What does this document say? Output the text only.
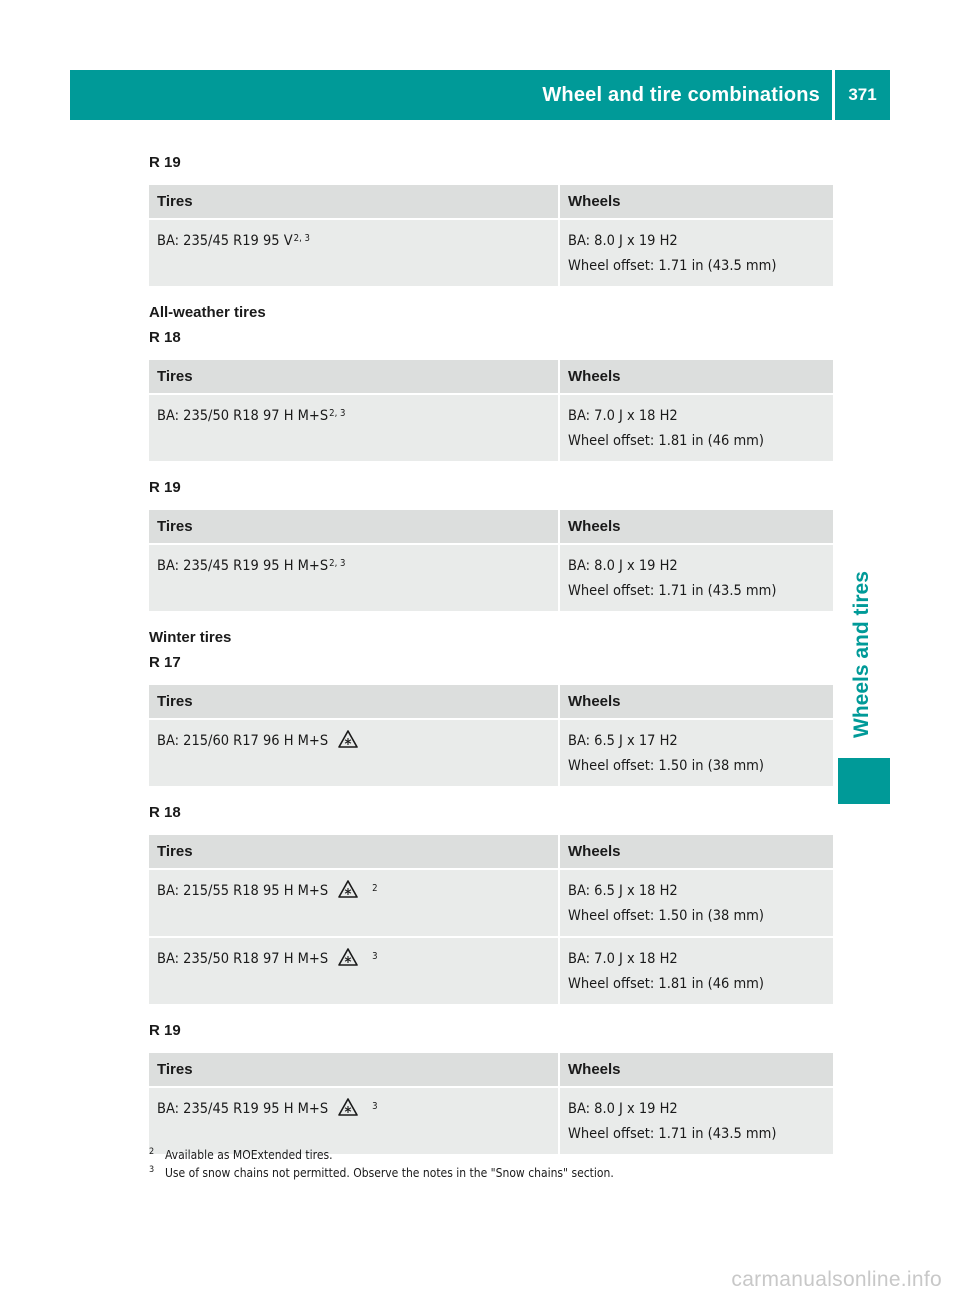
Wheel and tire combinations	371
Wheels and tires
R 19
Tires	Wheels
BA: 235/45 R19 95 V$^{2, 3}$	BA: 8.0 J x 19 H2
Wheel offset: 1.71 in (43.5 mm)
All-weather tires
R 18
Tires	Wheels
BA: 235/50 R18 97 H $M+S^{2, 3}$	BA: 7.0 J x 18 H2
Wheel offset: 1.81 in (46 mm)
R 19
Tires	Wheels
BA: 235/45 R19 95 H $M+S^{2, 3}$	BA: 8.0 J x 19 H2
Wheel offset: 1.71 in (43.5 mm)
Winter tires
R 17
Tires	Wheels
BA: 215/60 R17 96 H M+S	BA: 6.5 J x 17 H2
Wheel offset: 1.50 in (38 mm)
R 18
Tires	Wheels
BA: 215/55 R18 95 H M+S $^2$	BA: 6.5 J x 18 H2
Wheel offset: 1.50 in (38 mm)

BA: 235/50 R18 97 H M+S $^3$	BA: 7.0 J x 18 H2
Wheel offset: 1.81 in (46 mm)
R 19
Tires	Wheels
BA: 235/45 R19 95 H M+S $^3$	BA: 8.0 J x 19 H2
Wheel offset: 1.71 in (43.5 mm)
2 Available as MOExtended tires.
3 Use of snow chains not permitted. Observe the notes in the "Snow chains" section.
carmanualsonline.info
